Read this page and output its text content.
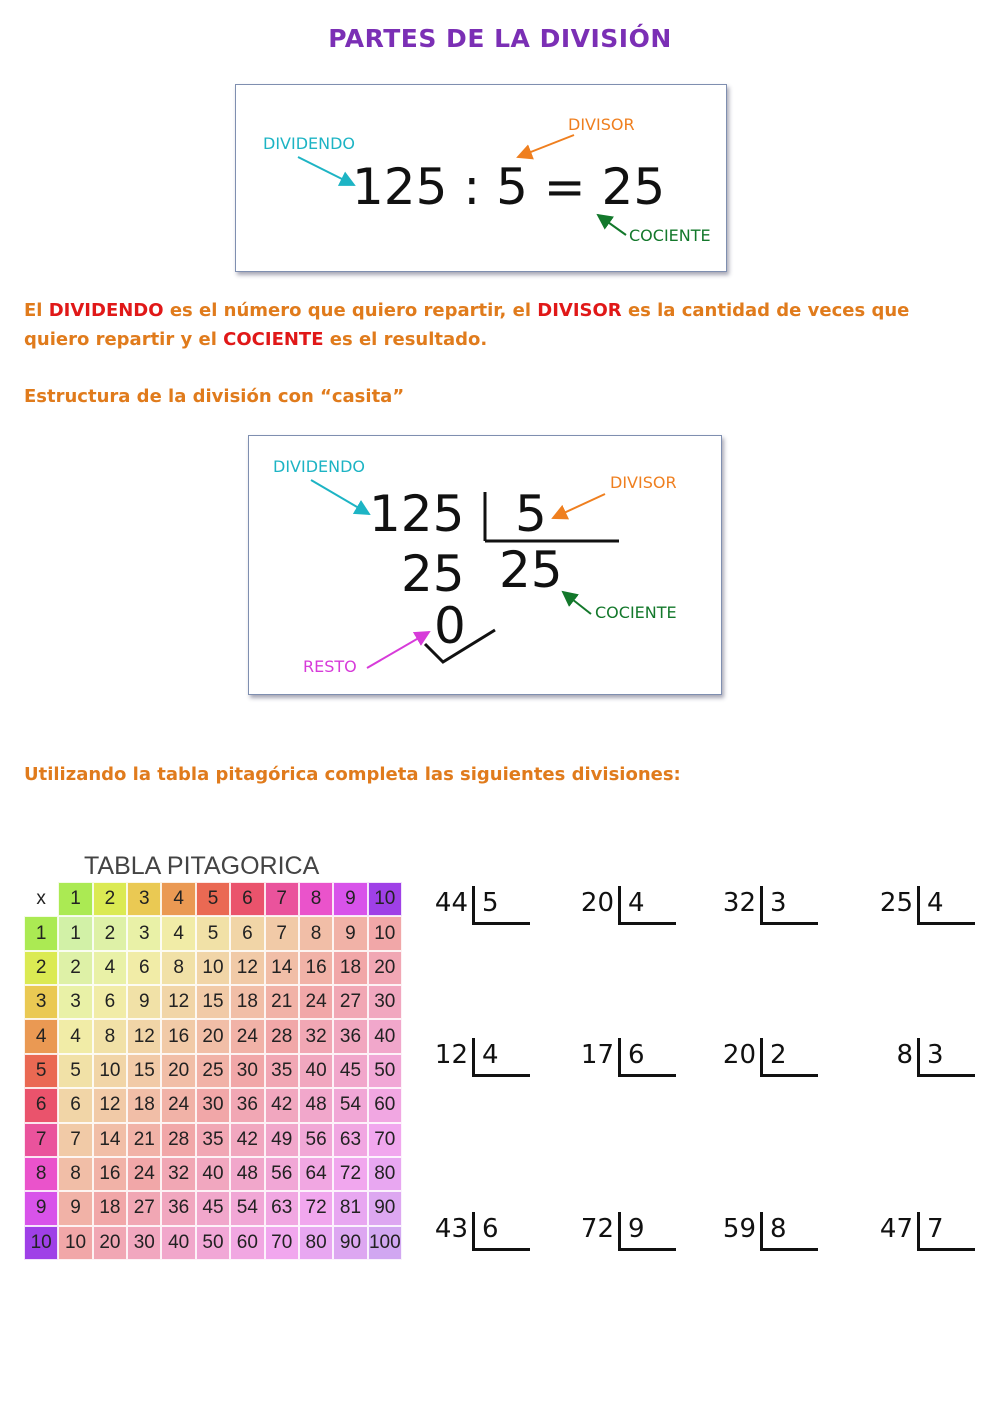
PARTES DE LA DIVISIÓN
DIVIDENDO
DIVISOR
COCIENTE
125 : 5 = 25
El DIVIDENDO es el número que quiero repartir, el DIVISOR es la cantidad de veces que quiero repartir y el COCIENTE es el resultado.
Estructura de la división con “casita”
DIVIDENDO
DIVISOR
COCIENTE
RESTO
125 5
25 25
0
Utilizando la tabla pitagórica completa las siguientes divisiones:
TABLA PITAGORICA
x	1	2	3	4	5	6	7	8	9 10
1	1	2	3	4	5	6	7	8	9 10
2	2	4	6	8 10 12 14 16 18 20
3	3	6	9 12 15 18 21 24 27 30
4	4	8 12 16 20 24 28 32 36 40
5	5 10 15 20 25 30 35 40 45 50
6	6 12 18 24 30 36 42 48 54 60
7	7 14 21 28 35 42 49 56 63 70
8	8 16 24 32 40 48 56 64 72 80
9	9 18 27 36 45 54 63 72 81 90
10 10 20 30 40 50 60 70 80 90 100
44 5	20 4	32 3	25 4
12 4	17 6	20 2	8 3
43 6	72 9	59 8	47 7
